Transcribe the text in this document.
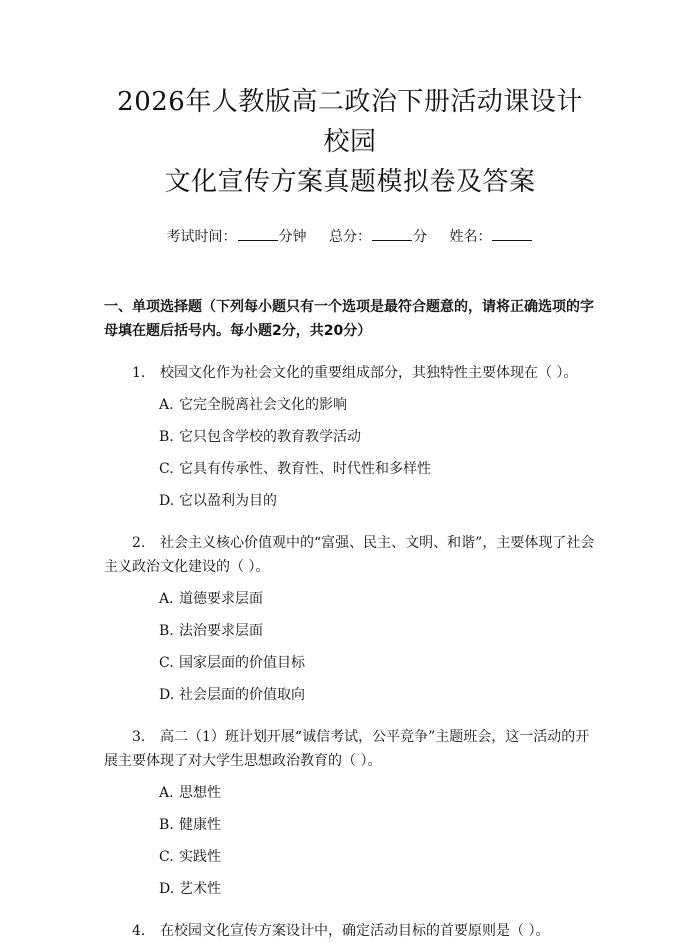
2026年人教版高二政治下册活动课设计校园
文化宣传方案真题模拟卷及答案
考试时间：	分钟 总分：	分 姓名：
一、单项选择题（下列每小题只有一个选项是最符合题意的，请将正确选项的字母填在题后括号内。每小题2分，共20分）
1. 校园文化作为社会文化的重要组成部分，其独特性主要体现在（ ）。
A. 它完全脱离社会文化的影响
B. 它只包含学校的教育教学活动
C. 它具有传承性、教育性、时代性和多样性
D. 它以盈利为目的
2. 社会主义核心价值观中的“富强、民主、文明、和谐”，主要体现了社会主义政治文化建设的（ ）。
A. 道德要求层面
B. 法治要求层面
C. 国家层面的价值目标
D. 社会层面的价值取向
3. 高二（1）班计划开展“诚信考试，公平竞争”主题班会，这一活动的开展主要体现了对大学生思想政治教育的（ ）。
A. 思想性
B. 健康性
C. 实践性
D. 艺术性
4. 在校园文化宣传方案设计中，确定活动目标的首要原则是（ ）。
